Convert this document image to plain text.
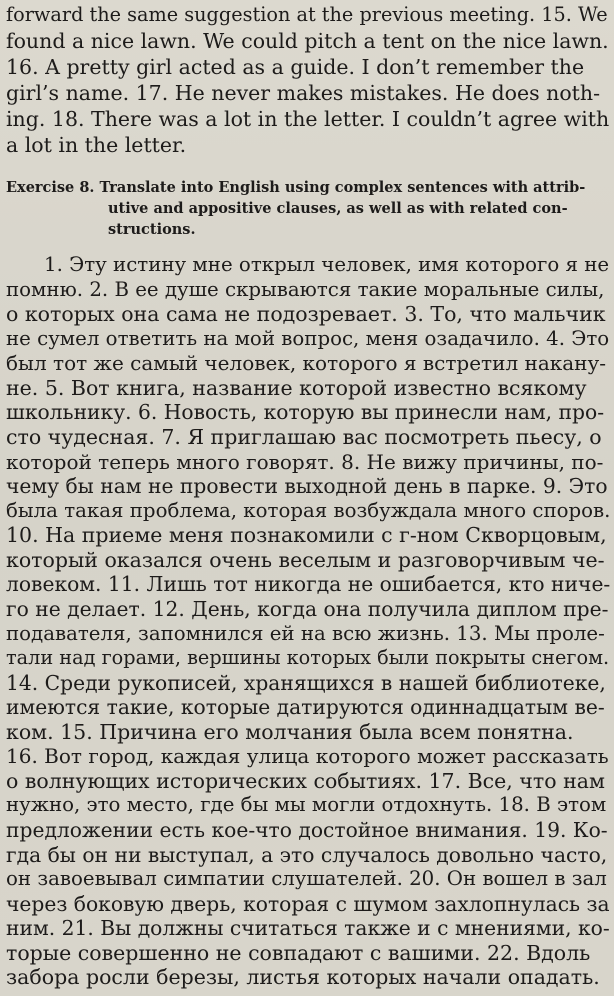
forward the same suggestion at the previous meeting. 15. We
found a nice lawn. We could pitch a tent on the nice lawn.
16. A pretty girl acted as a guide. I don’t remember the
girl’s name. 17. He never makes mistakes. He does noth-
ing. 18. There was a lot in the letter. I couldn’t agree with
a lot in the letter.
Exercise 8. Translate into English using complex sentences with attrib-
utive and appositive clauses, as well as with related con-
structions.
1. Эту истину мне открыл человек, имя которого я не
помню. 2. В ее душе скрываются такие моральные силы,
о которых она сама не подозревает. 3. То, что мальчик
не сумел ответить на мой вопрос, меня озадачило. 4. Это
был тот же самый человек, которого я встретил накану-
не. 5. Вот книга, название которой известно всякому
школьнику. 6. Новость, которую вы принесли нам, про-
сто чудесная. 7. Я приглашаю вас посмотреть пьесу, о
которой теперь много говорят. 8. Не вижу причины, по-
чему бы нам не провести выходной день в парке. 9. Это
была такая проблема, которая возбуждала много споров.
10. На приеме меня познакомили с г-ном Скворцовым,
который оказался очень веселым и разговорчивым че-
ловеком. 11. Лишь тот никогда не ошибается, кто ниче-
го не делает. 12. День, когда она получила диплом пре-
подавателя, запомнился ей на всю жизнь. 13. Мы проле-
тали над горами, вершины которых были покрыты снегом.
14. Среди рукописей, хранящихся в нашей библиотеке,
имеются такие, которые датируются одиннадцатым ве-
ком. 15. Причина его молчания была всем понятна.
16. Вот город, каждая улица которого может рассказать
о волнующих исторических событиях. 17. Все, что нам
нужно, это место, где бы мы могли отдохнуть. 18. В этом
предложении есть кое-что достойное внимания. 19. Ко-
гда бы он ни выступал, а это случалось довольно часто,
он завоевывал симпатии слушателей. 20. Он вошел в зал
через боковую дверь, которая с шумом захлопнулась за
ним. 21. Вы должны считаться также и с мнениями, ко-
торые совершенно не совпадают с вашими. 22. Вдоль
забора росли березы, листья которых начали опадать.
